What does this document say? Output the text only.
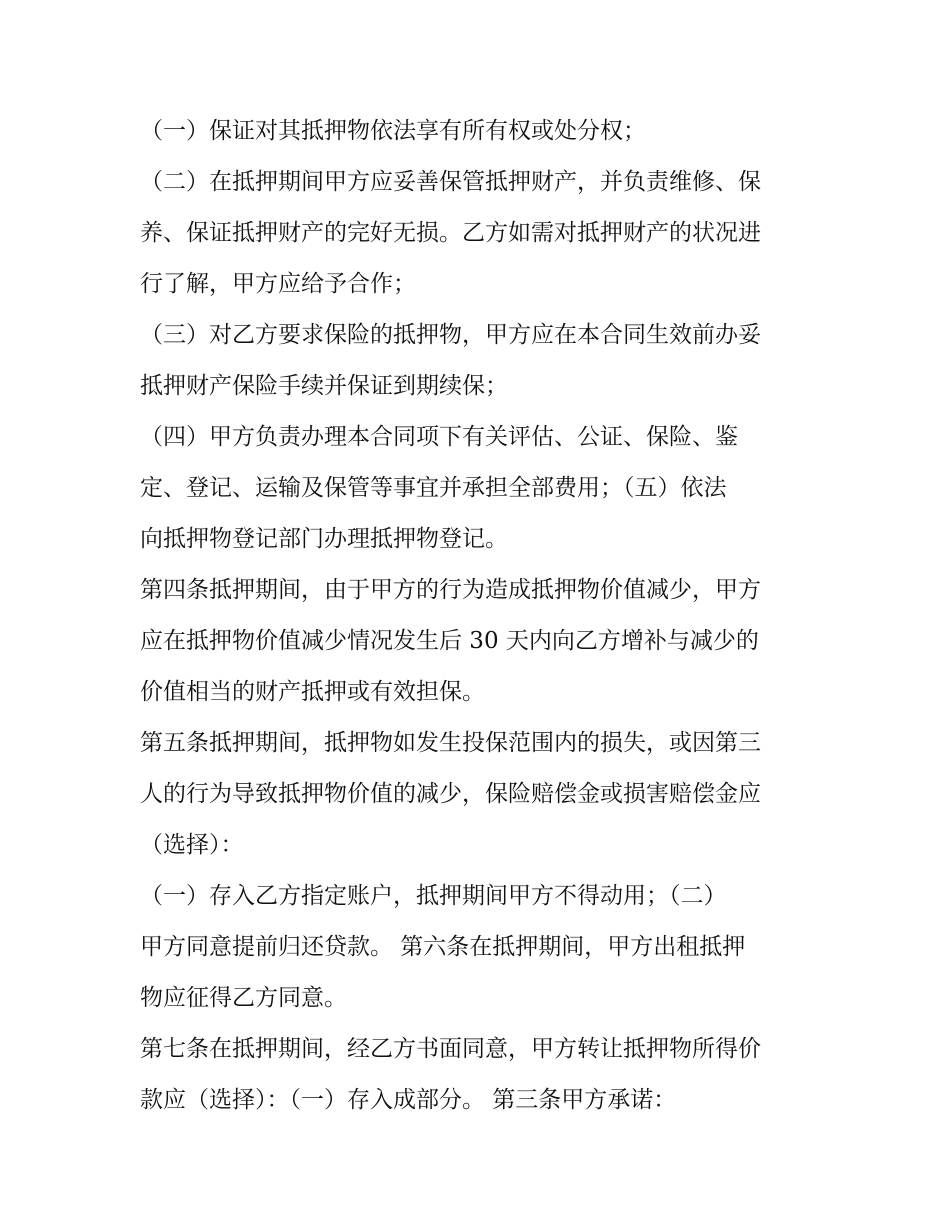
（一）保证对其抵押物依法享有所有权或处分权；
（二）在抵押期间甲方应妥善保管抵押财产，并负责维修、保
养、保证抵押财产的完好无损。乙方如需对抵押财产的状况进
行了解，甲方应给予合作；
（三）对乙方要求保险的抵押物，甲方应在本合同生效前办妥
抵押财产保险手续并保证到期续保；
（四）甲方负责办理本合同项下有关评估、公证、保险、鉴
定、登记、运输及保管等事宜并承担全部费用；（五）依法
向抵押物登记部门办理抵押物登记。
第四条抵押期间，由于甲方的行为造成抵押物价值减少，甲方
应在抵押物价值减少情况发生后 30 天内向乙方增补与减少的
价值相当的财产抵押或有效担保。
第五条抵押期间，抵押物如发生投保范围内的损失，或因第三
人的行为导致抵押物价值的减少，保险赔偿金或损害赔偿金应
（选择）：
（一）存入乙方指定账户，抵押期间甲方不得动用；（二）
甲方同意提前归还贷款。 第六条在抵押期间，甲方出租抵押
物应征得乙方同意。
第七条在抵押期间，经乙方书面同意，甲方转让抵押物所得价
款应（选择）：（一）存入成部分。 第三条甲方承诺：
